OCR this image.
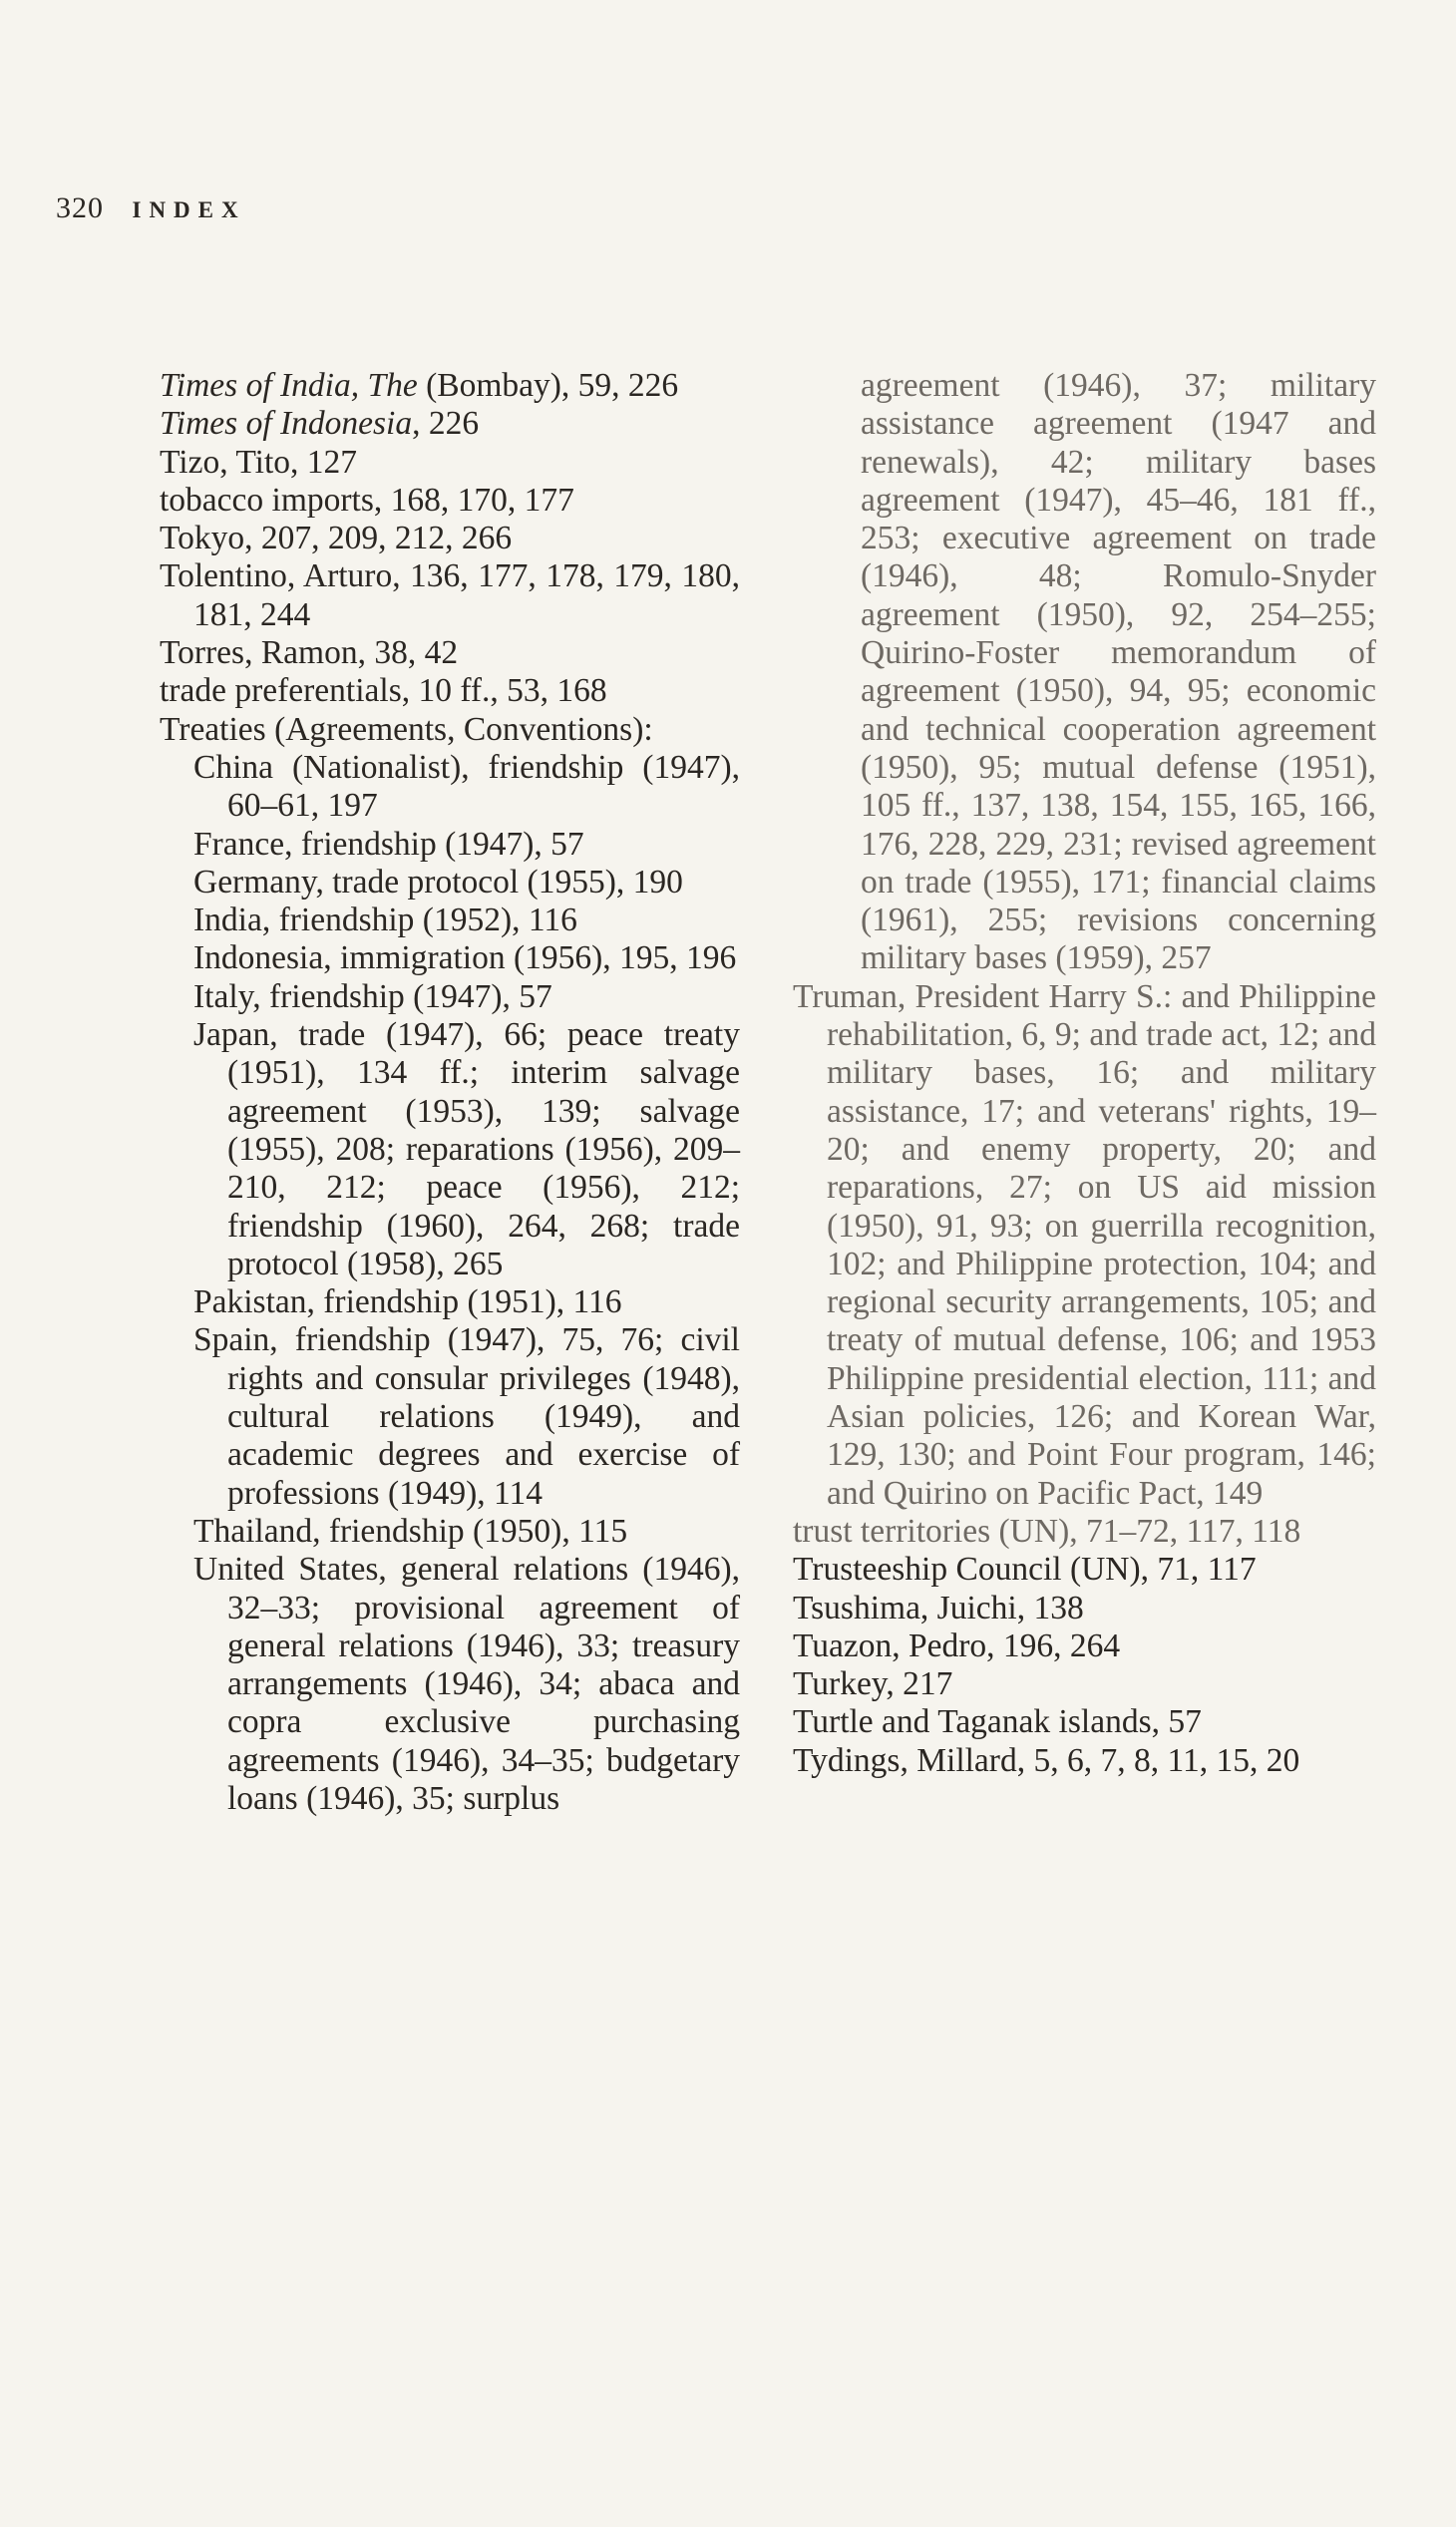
320 INDEX

Times of India, The (Bombay), 59, 226

Times of Indonesia, 226

Tizo, Tito, 127

tobacco imports, 168, 170, 177

Tokyo, 207, 209, 212, 266

Tolentino, Arturo, 136, 177, 178, 179, 180, 181, 244

Torres, Ramon, 38, 42

trade preferentials, 10 ff., 53, 168

Treaties (Agreements, Conventions):

China (Nationalist), friendship (1947), 60–61, 197

France, friendship (1947), 57

Germany, trade protocol (1955), 190

India, friendship (1952), 116

Indonesia, immigration (1956), 195, 196

Italy, friendship (1947), 57

Japan, trade (1947), 66; peace treaty (1951), 134 ff.; interim salvage agreement (1953), 139; salvage (1955), 208; reparations (1956), 209–210, 212; peace (1956), 212; friendship (1960), 264, 268; trade protocol (1958), 265

Pakistan, friendship (1951), 116

Spain, friendship (1947), 75, 76; civil rights and consular privileges (1948), cultural relations (1949), and academic degrees and exercise of professions (1949), 114

Thailand, friendship (1950), 115

United States, general relations (1946), 32–33; provisional agreement of general relations (1946), 33; treasury arrangements (1946), 34; abaca and copra exclusive purchasing agreements (1946), 34–35; budgetary loans (1946), 35; surplus

agreement (1946), 37; military assistance agreement (1947 and renewals), 42; military bases agreement (1947), 45–46, 181 ff., 253; executive agreement on trade (1946), 48; Romulo-Snyder agreement (1950), 92, 254–255; Quirino-Foster memorandum of agreement (1950), 94, 95; economic and technical cooperation agreement (1950), 95; mutual defense (1951), 105 ff., 137, 138, 154, 155, 165, 166, 176, 228, 229, 231; revised agreement on trade (1955), 171; financial claims (1961), 255; revisions concerning military bases (1959), 257

Truman, President Harry S.: and Philippine rehabilitation, 6, 9; and trade act, 12; and military bases, 16; and military assistance, 17; and veterans' rights, 19–20; and enemy property, 20; and reparations, 27; on US aid mission (1950), 91, 93; on guerrilla recognition, 102; and Philippine protection, 104; and regional security arrangements, 105; and treaty of mutual defense, 106; and 1953 Philippine presidential election, 111; and Asian policies, 126; and Korean War, 129, 130; and Point Four program, 146; and Quirino on Pacific Pact, 149

trust territories (UN), 71–72, 117, 118

Trusteeship Council (UN), 71, 117

Tsushima, Juichi, 138

Tuazon, Pedro, 196, 264

Turkey, 217

Turtle and Taganak islands, 57

Tydings, Millard, 5, 6, 7, 8, 11, 15, 20
